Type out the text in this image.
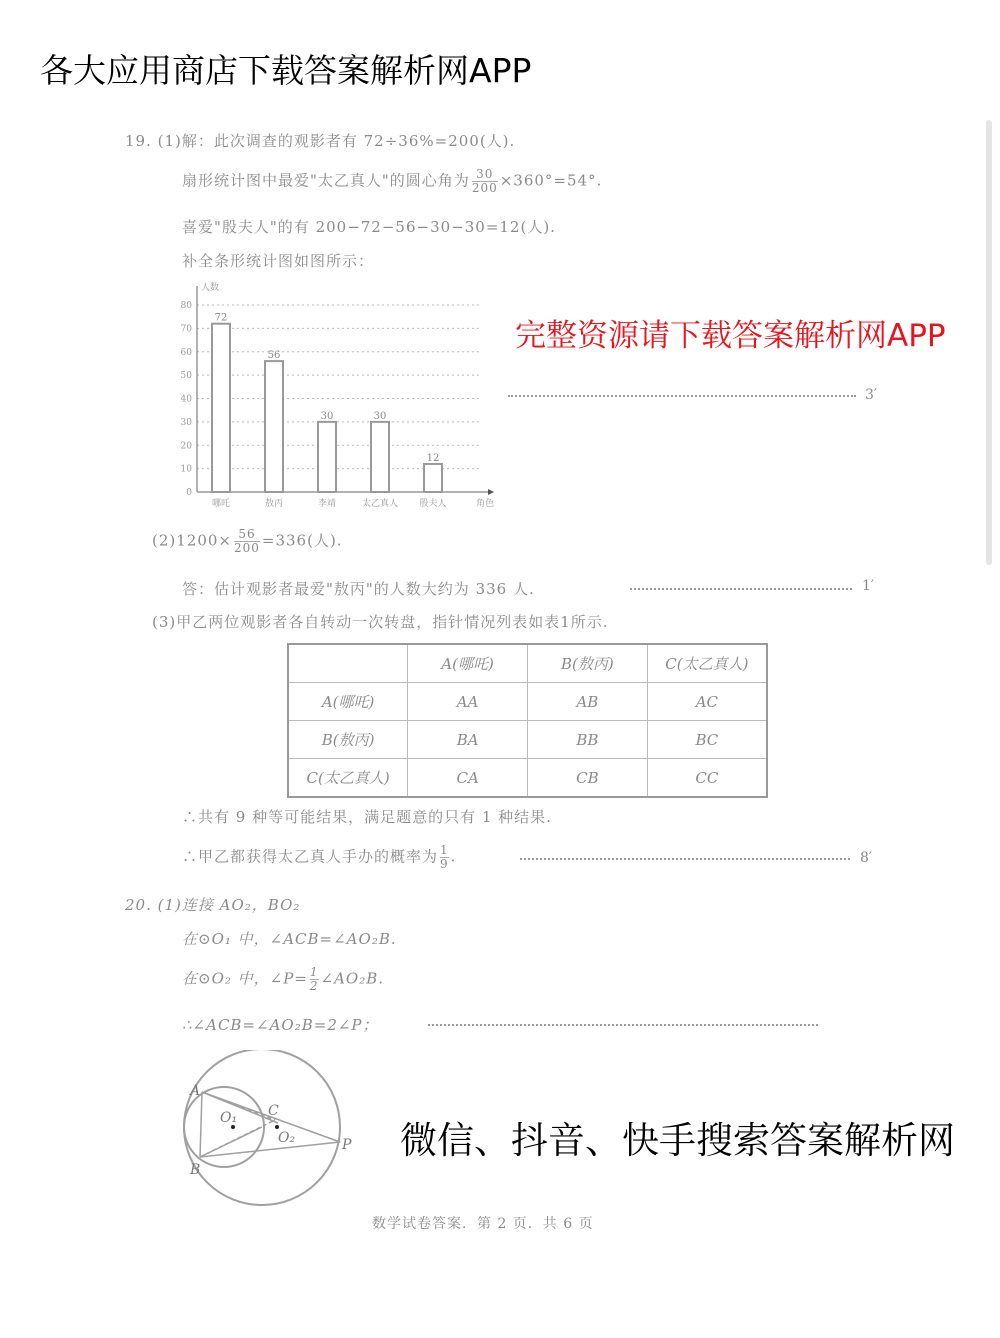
19. (1)解：此次调查的观影者有 72÷36%=200(人).
扇形统计图中最爱"太乙真人"的圆心角为 $\frac{30}{200} \times 360^\circ=54^\circ$.
喜爱"殷夫人"的有 200−72−56−30−30=12(人).
补全条形统计图如图所示：
0
10
20
30
40
50
60
70
80
人数
角色
72
哪吒
56
敖丙
30
李靖
30
太乙真人
12
殷夫人
3′
$(2)1200\times \frac{56}{200} =336$(人).
答：估计观影者最爱"敖丙"的人数大约为 336 人.	1′
(3)甲乙两位观影者各自转动一次转盘，指针情况列表如表1所示.
	A(哪吒)	B(敖丙)	C(太乙真人)
A(哪吒)	AA	AB	AC
B(敖丙)	BA	BB	BC
C(太乙真人)	CA	CB	CC
∴共有 9 种等可能结果，满足题意的只有 1 种结果.
∴甲乙都获得太乙真人手办的概率为 $\frac{1}{9}$ .	8′
20. (1)连接 AO₂，BO₂
在⊙O₁ 中，∠ACB=∠AO₂B.
在⊙O₂ 中，∠P= $\frac{1}{2}$ ∠AO₂B.
∴∠ACB=∠AO₂B=2∠P；
A
B
C
P
O₁
O₂
数学试卷答案．第 2 页．共 6 页
各大应用商店下载答案解析网APP
完整资源请下载答案解析网APP
微信、抖音、快手搜索答案解析网
